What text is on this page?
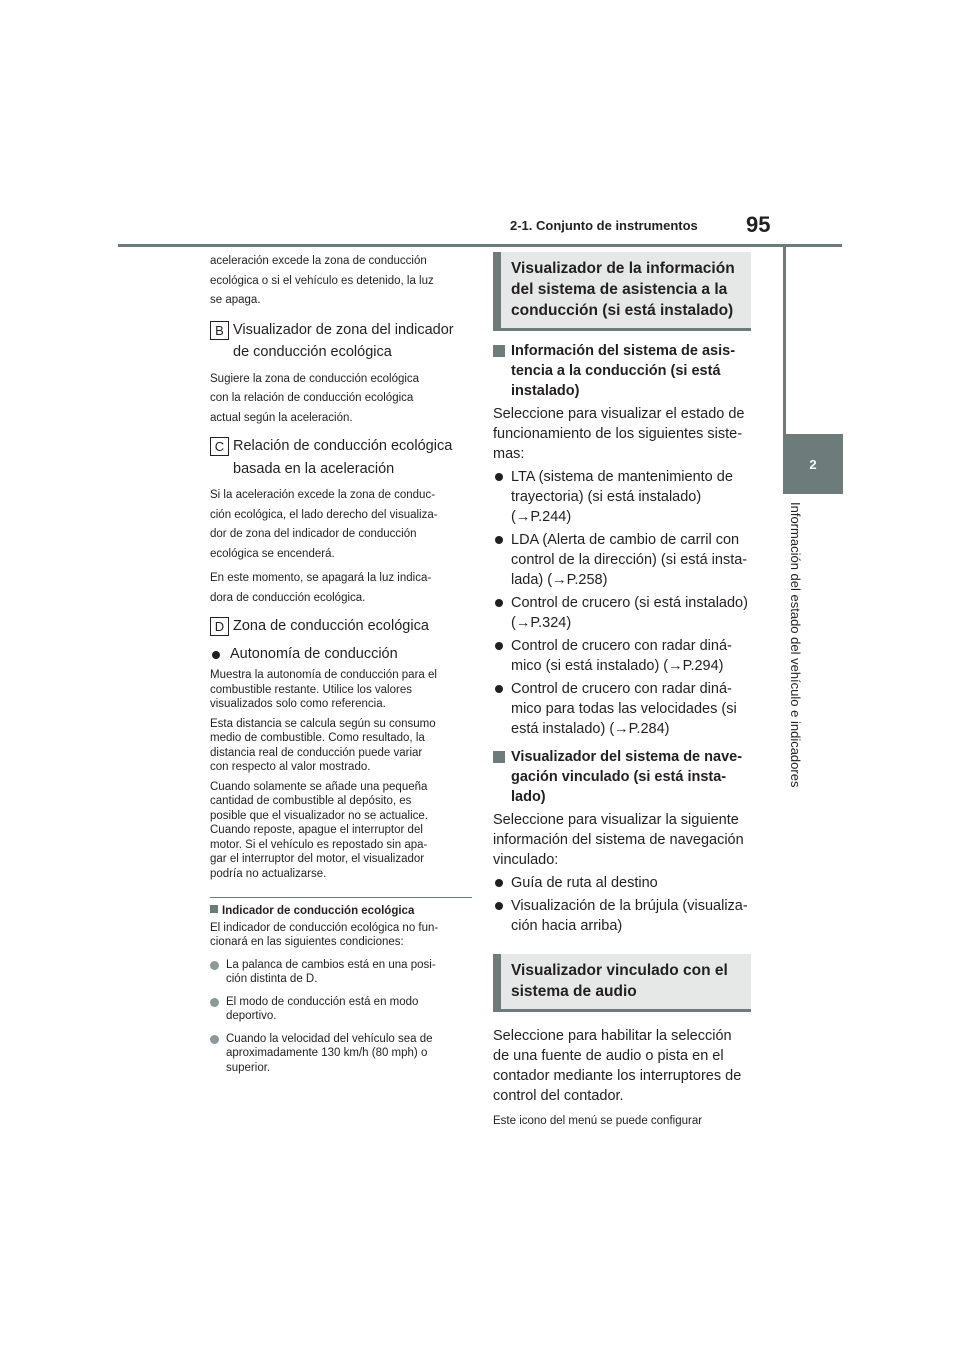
2-1. Conjunto de instrumentos 95
2
Información del estado del vehículo e indicadores

aceleración excede la zona de conducción

ecológica o si el vehículo es detenido, la luz

se apaga.

B Visualizador de zona del indicador

de conducción ecológica

Sugiere la zona de conducción ecológica

con la relación de conducción ecológica

actual según la aceleración.

C Relación de conducción ecológica

basada en la aceleración

Si la aceleración excede la zona de conduc-

ción ecológica, el lado derecho del visualiza-

dor de zona del indicador de conducción

ecológica se encenderá.

En este momento, se apagará la luz indica-

dora de conducción ecológica.

D Zona de conducción ecológica

Autonomía de conducción

Muestra la autonomía de conducción para el

combustible restante. Utilice los valores

visualizados solo como referencia.

Esta distancia se calcula según su consumo

medio de combustible. Como resultado, la

distancia real de conducción puede variar

con respecto al valor mostrado.

Cuando solamente se añade una pequeña

cantidad de combustible al depósito, es

posible que el visualizador no se actualice.

Cuando reposte, apague el interruptor del

motor. Si el vehículo es repostado sin apa-

gar el interruptor del motor, el visualizador

podría no actualizarse.

Indicador de conducción ecológica

El indicador de conducción ecológica no fun-

cionará en las siguientes condiciones:

La palanca de cambios está en una posi-

ción distinta de D.

El modo de conducción está en modo

deportivo.

Cuando la velocidad del vehículo sea de

aproximadamente 130 km/h (80 mph) o

superior.

Visualizador de la información

del sistema de asistencia a la

conducción (si está instalado)

Información del sistema de asis-

tencia a la conducción (si está

instalado)

Seleccione para visualizar el estado de

funcionamiento de los siguientes siste-

mas:

LTA (sistema de mantenimiento de

trayectoria) (si está instalado)

(→P.244)

LDA (Alerta de cambio de carril con

control de la dirección) (si está insta-

lada) (→P.258)

Control de crucero (si está instalado)

(→P.324)

Control de crucero con radar diná-

mico (si está instalado) (→P.294)

Control de crucero con radar diná-

mico para todas las velocidades (si

está instalado) (→P.284)

Visualizador del sistema de nave-

gación vinculado (si está insta-

lado)

Seleccione para visualizar la siguiente

información del sistema de navegación

vinculado:

Guía de ruta al destino

Visualización de la brújula (visualiza-

ción hacia arriba)

Visualizador vinculado con el

sistema de audio

Seleccione para habilitar la selección

de una fuente de audio o pista en el

contador mediante los interruptores de

control del contador.

Este icono del menú se puede configurar
